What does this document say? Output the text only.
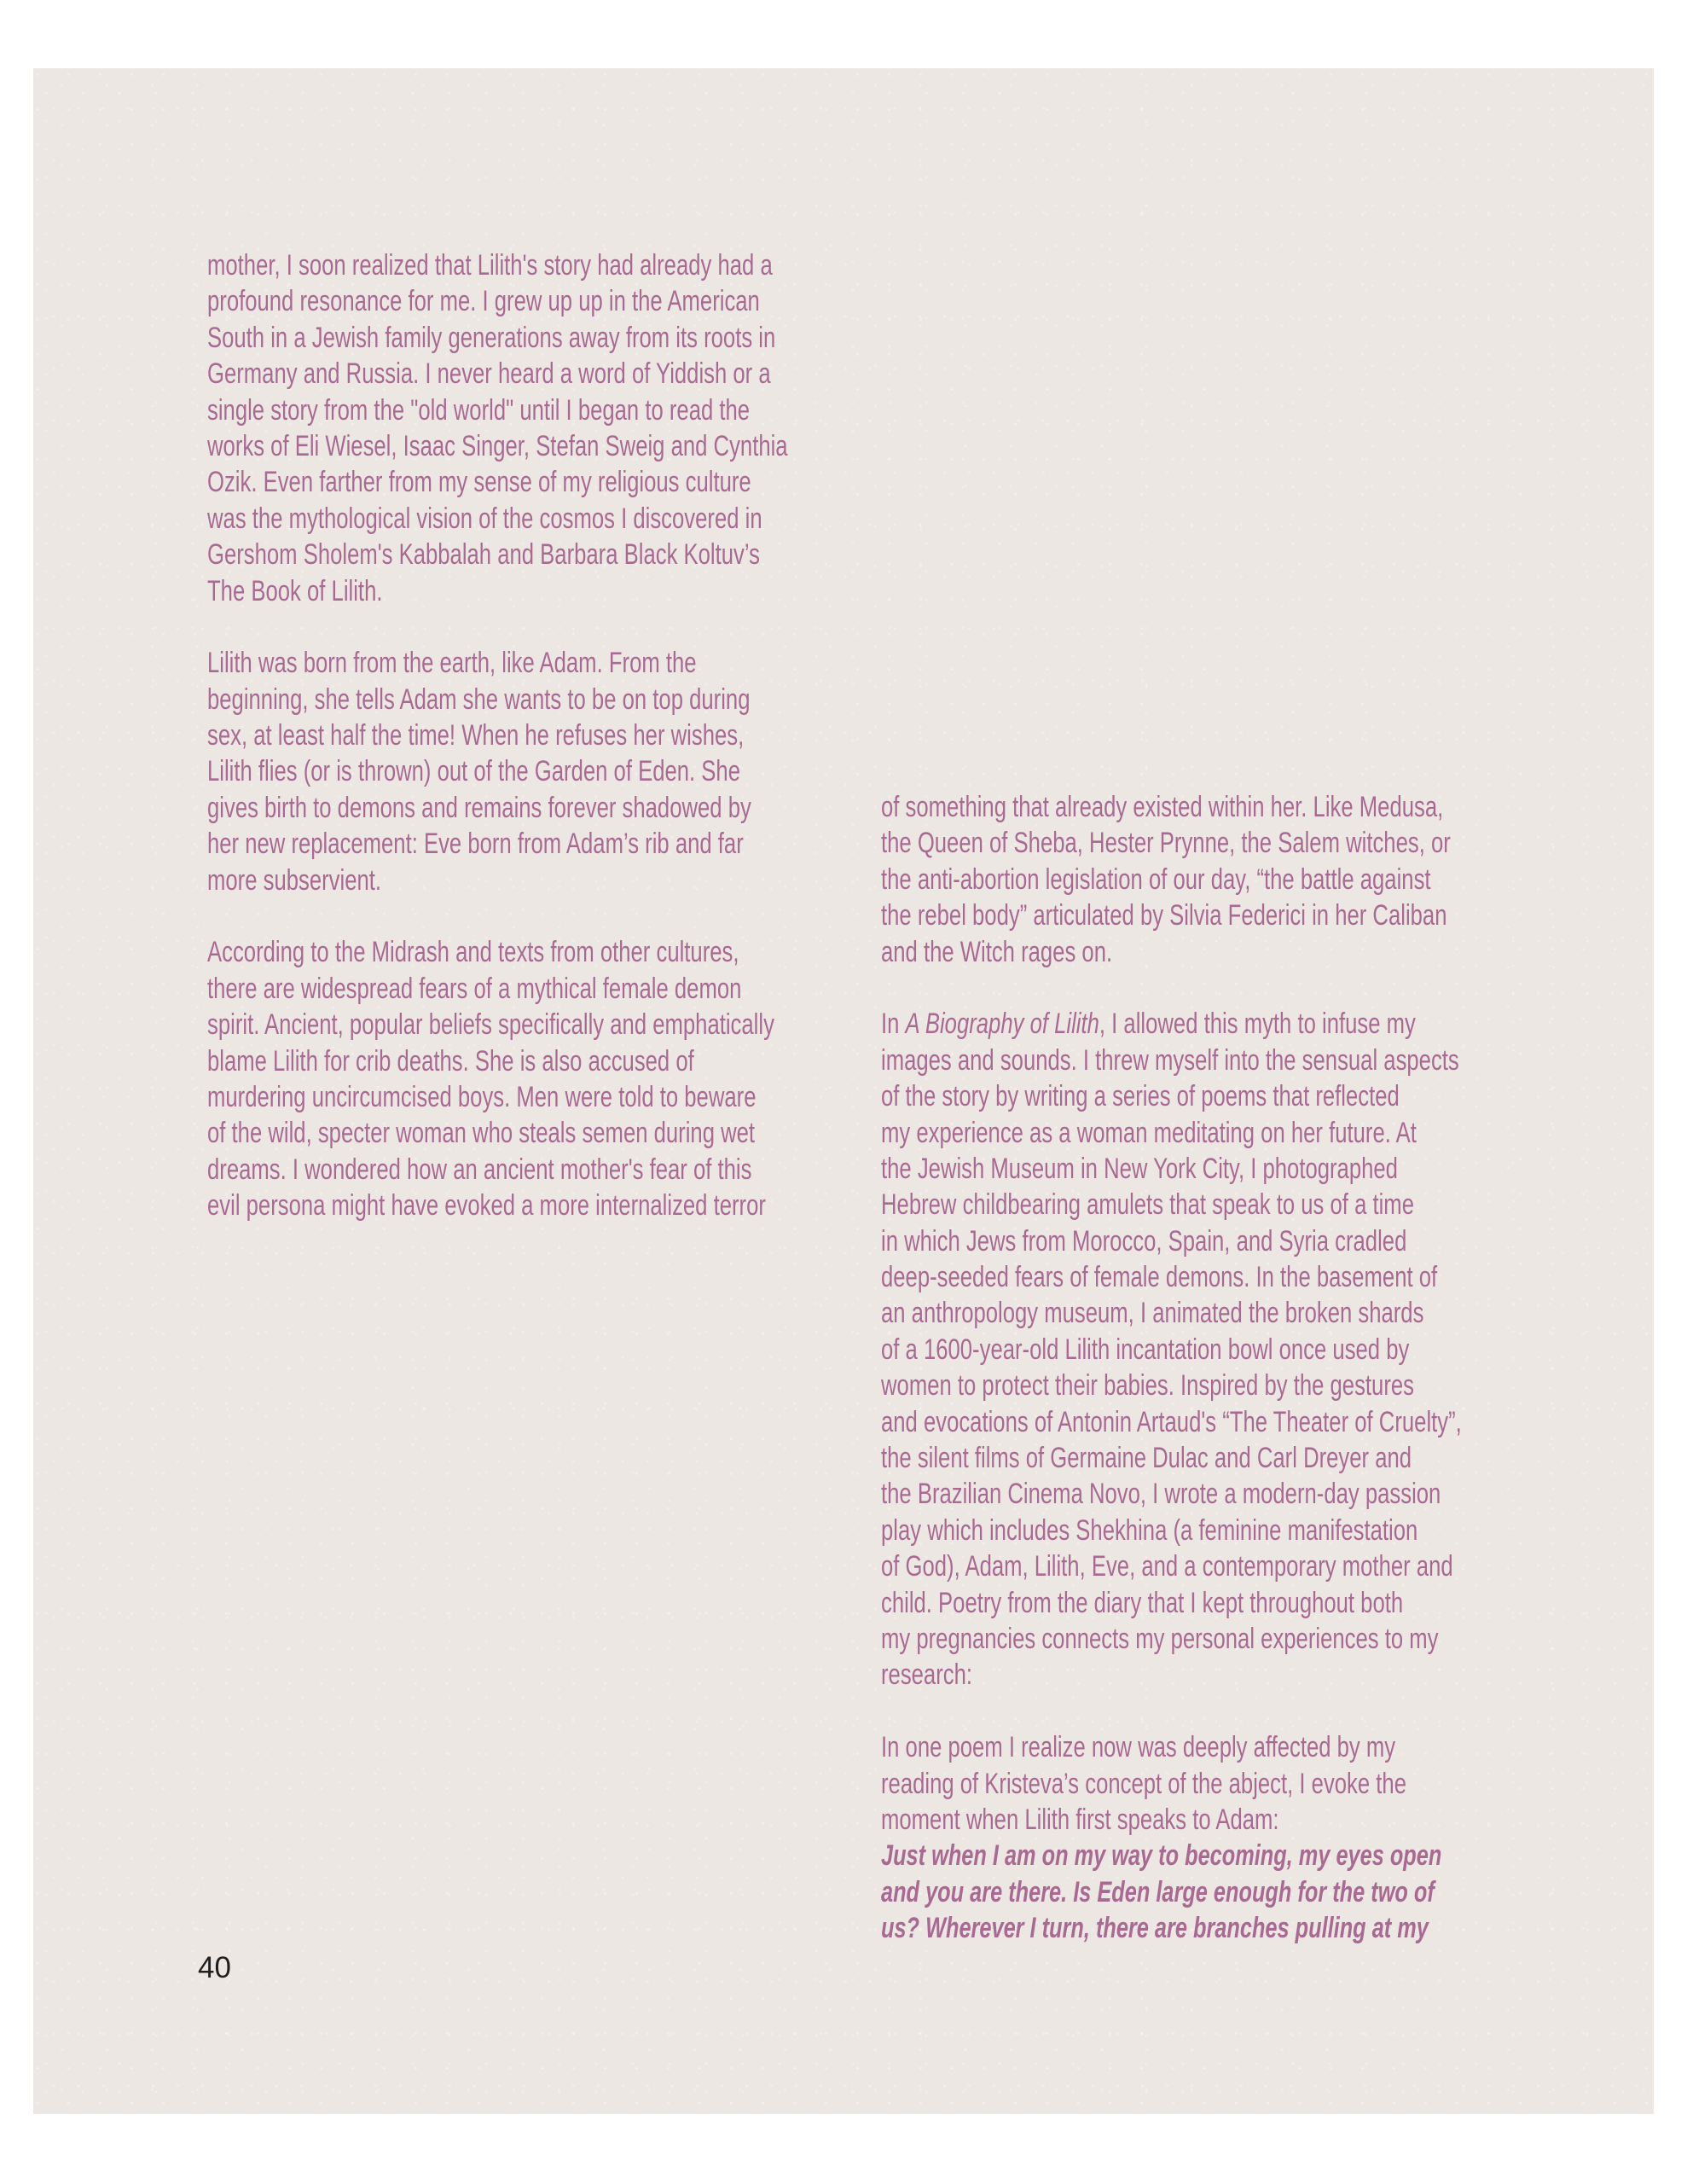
mother, I soon realized that Lilith's story had already had a
profound resonance for me. I grew up up in the American
South in a Jewish family generations away from its roots in
Germany and Russia. I never heard a word of Yiddish or a
single story from the "old world" until I began to read the
works of Eli Wiesel, Isaac Singer, Stefan Sweig and Cynthia
Ozik. Even farther from my sense of my religious culture
was the mythological vision of the cosmos I discovered in
Gershom Sholem's Kabbalah and Barbara Black Koltuv’s
The Book of Lilith.
Lilith was born from the earth, like Adam. From the
beginning, she tells Adam she wants to be on top during
sex, at least half the time! When he refuses her wishes,
Lilith flies (or is thrown) out of the Garden of Eden. She
gives birth to demons and remains forever shadowed by
her new replacement: Eve born from Adam’s rib and far
more subservient.
According to the Midrash and texts from other cultures,
there are widespread fears of a mythical female demon
spirit. Ancient, popular beliefs specifically and emphatically
blame Lilith for crib deaths. She is also accused of
murdering uncircumcised boys. Men were told to beware
of the wild, specter woman who steals semen during wet
dreams. I wondered how an ancient mother's fear of this
evil persona might have evoked a more internalized terror
of something that already existed within her. Like Medusa,
the Queen of Sheba, Hester Prynne, the Salem witches, or
the anti-abortion legislation of our day, “the battle against
the rebel body” articulated by Silvia Federici in her Caliban
and the Witch rages on.
In A Biography of Lilith, I allowed this myth to infuse my
images and sounds. I threw myself into the sensual aspects
of the story by writing a series of poems that reflected
my experience as a woman meditating on her future. At
the Jewish Museum in New York City, I photographed
Hebrew childbearing amulets that speak to us of a time
in which Jews from Morocco, Spain, and Syria cradled
deep-seeded fears of female demons. In the basement of
an anthropology museum, I animated the broken shards
of a 1600-year-old Lilith incantation bowl once used by
women to protect their babies. Inspired by the gestures
and evocations of Antonin Artaud's “The Theater of Cruelty”,
the silent films of Germaine Dulac and Carl Dreyer and
the Brazilian Cinema Novo, I wrote a modern-day passion
play which includes Shekhina (a feminine manifestation
of God), Adam, Lilith, Eve, and a contemporary mother and
child. Poetry from the diary that I kept throughout both
my pregnancies connects my personal experiences to my
research:
In one poem I realize now was deeply affected by my
reading of Kristeva’s concept of the abject, I evoke the
moment when Lilith first speaks to Adam:
Just when I am on my way to becoming, my eyes open
and you are there. Is Eden large enough for the two of
us? Wherever I turn, there are branches pulling at my
40
